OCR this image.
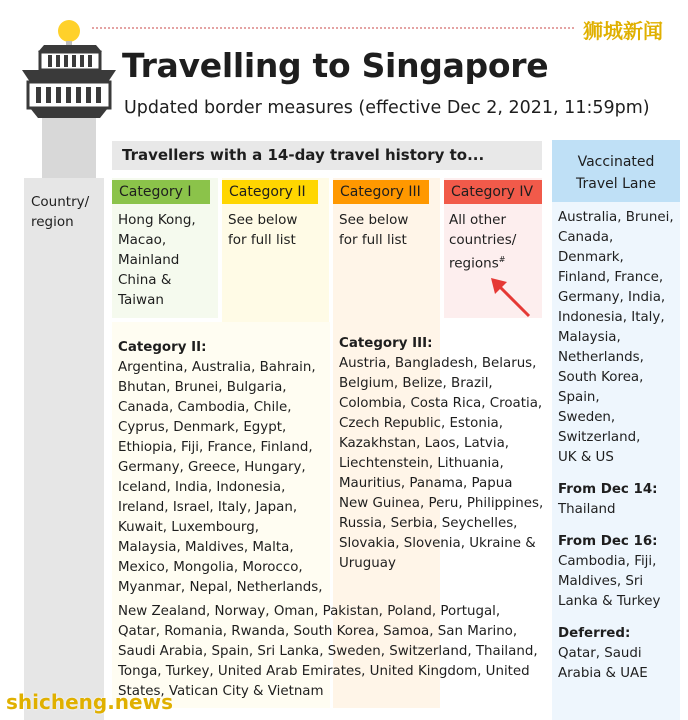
狮城新闻
Travelling to Singapore
Updated border measures (effective Dec 2, 2021, 11:59pm)
Travellers with a 14-day travel history to...
Country/
region
Category I
Hong Kong,
Macao,
Mainland
China &
Taiwan
Category II
See below
for full list
Category III
See below
for full list
Category IV
All other
countries/
regions#
Category II:
Argentina, Australia, Bahrain,
Bhutan, Brunei, Bulgaria,
Canada, Cambodia, Chile,
Cyprus, Denmark, Egypt,
Ethiopia, Fiji, France, Finland,
Germany, Greece, Hungary,
Iceland, India, Indonesia,
Ireland, Israel, Italy, Japan,
Kuwait, Luxembourg,
Malaysia, Maldives, Malta,
Mexico, Mongolia, Morocco,
Myanmar, Nepal, Netherlands,
Category III:
Austria, Bangladesh, Belarus,
Belgium, Belize, Brazil,
Colombia, Costa Rica, Croatia,
Czech Republic, Estonia,
Kazakhstan, Laos, Latvia,
Liechtenstein, Lithuania,
Mauritius, Panama, Papua
New Guinea, Peru, Philippines,
Russia, Serbia, Seychelles,
Slovakia, Slovenia, Ukraine &
Uruguay
New Zealand, Norway, Oman, Pakistan, Poland, Portugal,
Qatar, Romania, Rwanda, South Korea, Samoa, San Marino,
Saudi Arabia, Spain, Sri Lanka, Sweden, Switzerland, Thailand,
Tonga, Turkey, United Arab Emirates, United Kingdom, United
States, Vatican City & Vietnam
Vaccinated
Travel Lane
Australia, Brunei,
Canada,
Denmark,
Finland, France,
Germany, India,
Indonesia, Italy,
Malaysia,
Netherlands,
South Korea,
Spain,
Sweden,
Switzerland,
UK & US
From Dec 14:
Thailand
From Dec 16:
Cambodia, Fiji,
Maldives, Sri
Lanka & Turkey
Deferred:
Qatar, Saudi
Arabia & UAE
shicheng.news
